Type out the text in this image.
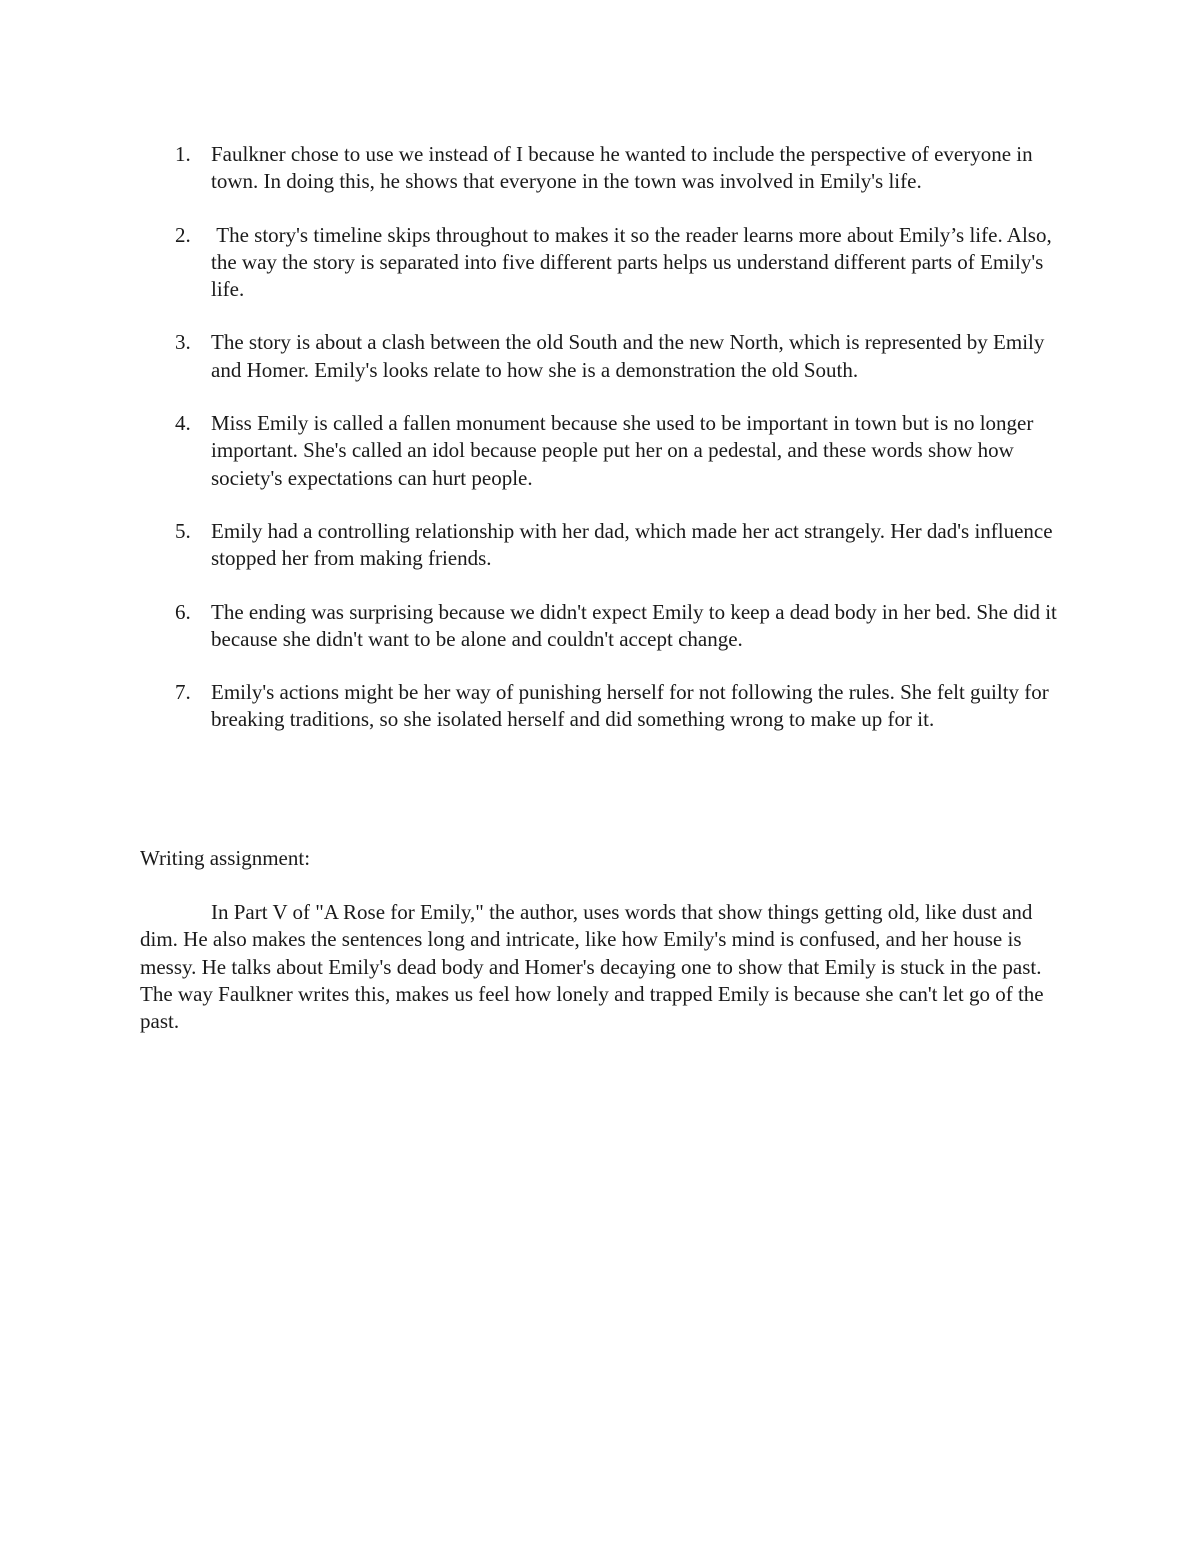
1. Faulkner chose to use we instead of I because he wanted to include the perspective of everyone in town. In doing this, he shows that everyone in the town was involved in Emily's life.
2. The story's timeline skips throughout to makes it so the reader learns more about Emily’s life. Also, the way the story is separated into five different parts helps us understand different parts of Emily's life.
3. The story is about a clash between the old South and the new North, which is represented by Emily and Homer. Emily's looks relate to how she is a demonstration the old South.
4. Miss Emily is called a fallen monument because she used to be important in town but is no longer important. She's called an idol because people put her on a pedestal, and these words show how society's expectations can hurt people.
5. Emily had a controlling relationship with her dad, which made her act strangely. Her dad's influence stopped her from making friends.
6. The ending was surprising because we didn't expect Emily to keep a dead body in her bed. She did it because she didn't want to be alone and couldn't accept change.
7. Emily's actions might be her way of punishing herself for not following the rules. She felt guilty for breaking traditions, so she isolated herself and did something wrong to make up for it.

Writing assignment:

In Part V of "A Rose for Emily," the author, uses words that show things getting old, like dust and dim. He also makes the sentences long and intricate, like how Emily's mind is confused, and her house is messy. He talks about Emily's dead body and Homer's decaying one to show that Emily is stuck in the past. The way Faulkner writes this, makes us feel how lonely and trapped Emily is because she can't let go of the past.
